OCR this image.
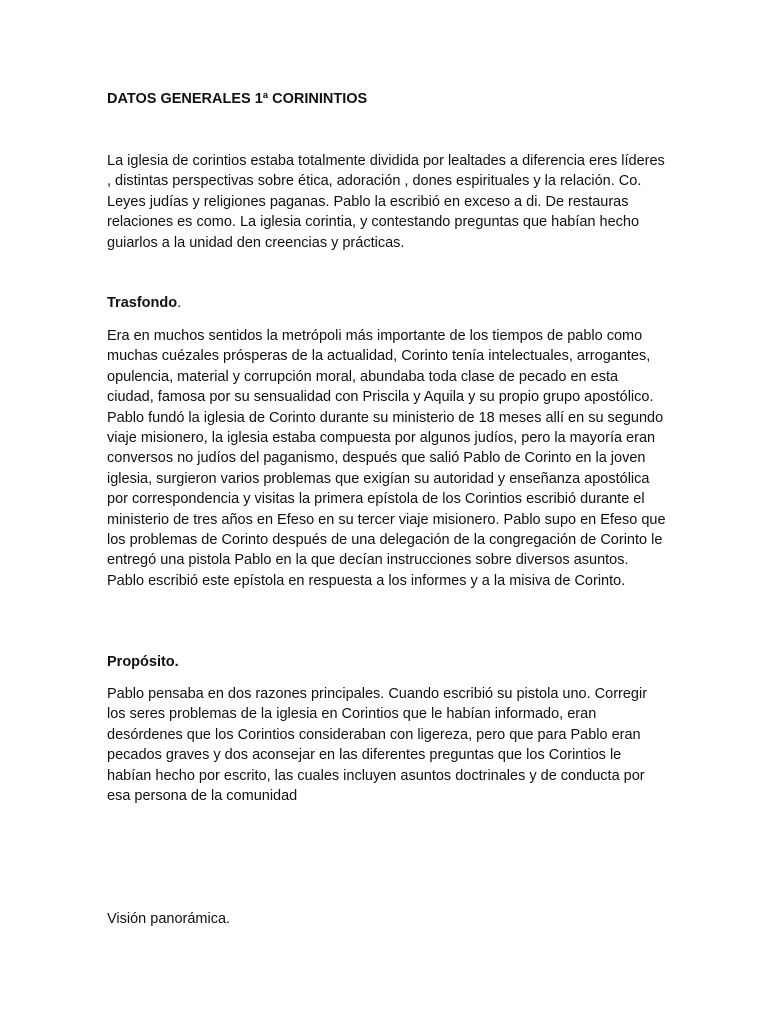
DATOS GENERALES 1ª CORININTIOS

La iglesia de corintios estaba totalmente dividida por lealtades a diferencia eres líderes , distintas perspectivas sobre ética, adoración , dones espirituales y la relación. Co. Leyes judías y religiones paganas. Pablo la escribió en exceso a di. De restauras relaciones es como. La iglesia corintia, y contestando preguntas que habían hecho guiarlos a la unidad den creencias y prácticas.

Trasfondo.

Era en muchos sentidos la metrópoli más importante de los tiempos de pablo como muchas cuézales prósperas de la actualidad, Corinto tenía intelectuales, arrogantes, opulencia, material y corrupción moral, abundaba toda clase de pecado en esta ciudad, famosa por su sensualidad con Priscila y Aquila y su propio grupo apostólico. Pablo fundó la iglesia de Corinto durante su ministerio de 18 meses allí en su segundo viaje misionero, la iglesia estaba compuesta por algunos judíos, pero la mayoría eran conversos no judíos del paganismo, después que salió Pablo de Corinto en la joven iglesia, surgieron varios problemas que exigían su autoridad y enseñanza apostólica por correspondencia y visitas la primera epístola de los Corintios escribió durante el ministerio de tres años en Efeso en su tercer viaje misionero. Pablo supo en Efeso que los problemas de Corinto después de una delegación de la congregación de Corinto le entregó una pistola Pablo en la que decían instrucciones sobre diversos asuntos. Pablo escribió este epístola en respuesta a los informes y a la misiva de Corinto.

Propósito.

Pablo pensaba en dos razones principales. Cuando escribió su pistola uno. Corregir los seres problemas de la iglesia en Corintios que le habían informado, eran desórdenes que los Corintios consideraban con ligereza, pero que para Pablo eran pecados graves y dos aconsejar en las diferentes preguntas que los Corintios le habían hecho por escrito, las cuales incluyen asuntos doctrinales y de conducta por esa persona de la comunidad

Visión panorámica.
